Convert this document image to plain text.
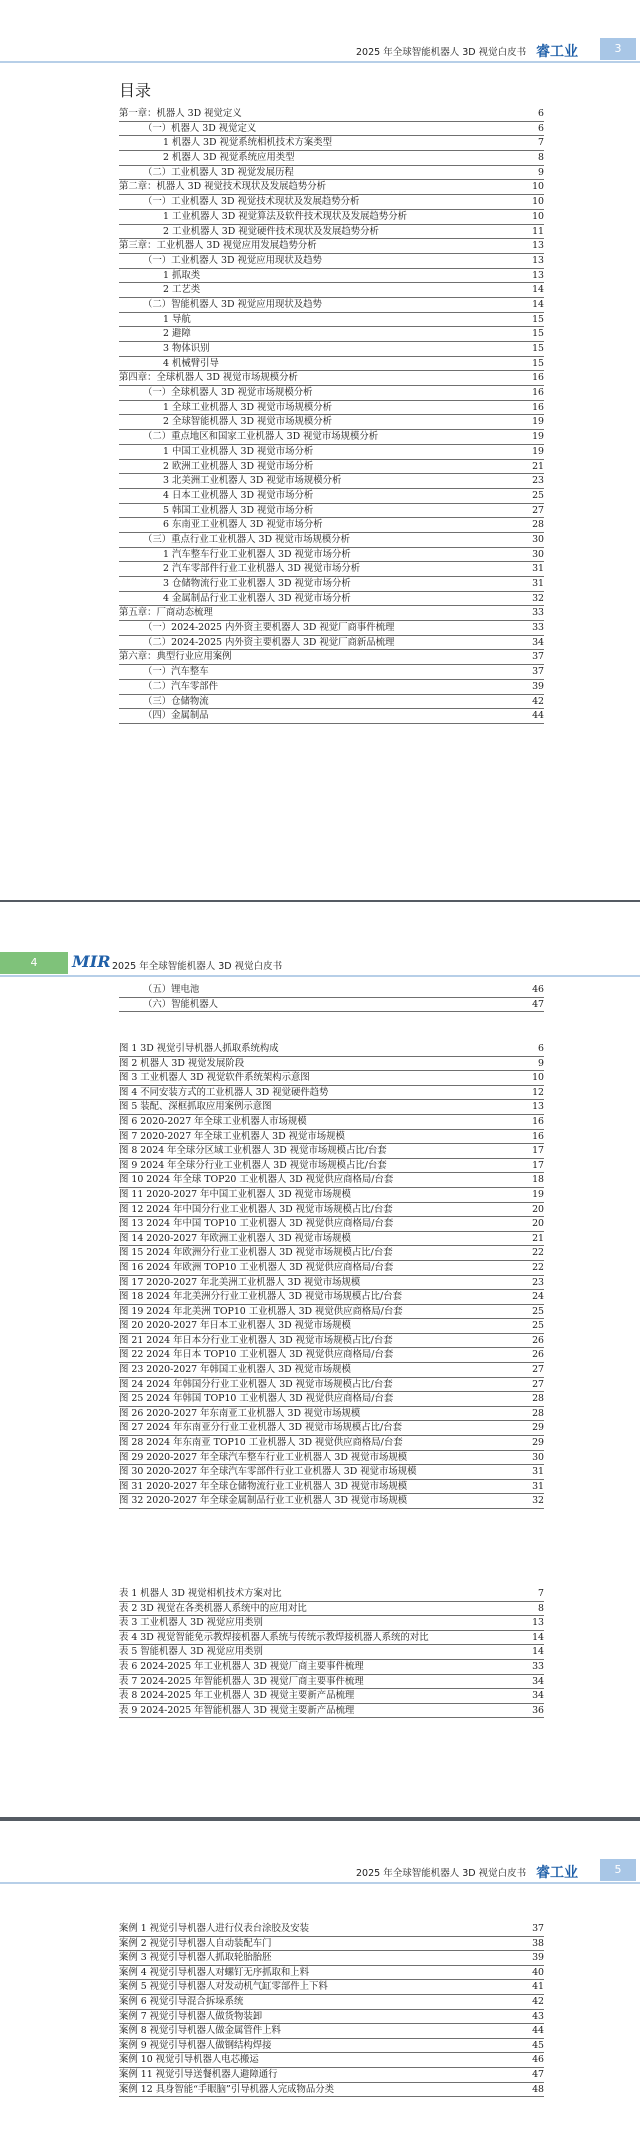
2025 年全球智能机器人 3D 视觉白皮书 睿工业	3
目录
第一章：机器人 3D 视觉定义	6
（一）机器人 3D 视觉定义	6
1 机器人 3D 视觉系统相机技术方案类型	7
2 机器人 3D 视觉系统应用类型	8
（二）工业机器人 3D 视觉发展历程	9
第二章：机器人 3D 视觉技术现状及发展趋势分析	10
（一）工业机器人 3D 视觉技术现状及发展趋势分析	10
1 工业机器人 3D 视觉算法及软件技术现状及发展趋势分析	10
2 工业机器人 3D 视觉硬件技术现状及发展趋势分析	11
第三章：工业机器人 3D 视觉应用发展趋势分析	13
（一）工业机器人 3D 视觉应用现状及趋势	13
1 抓取类	13
2 工艺类	14
（二）智能机器人 3D 视觉应用现状及趋势	14
1 导航	15
2 避障	15
3 物体识别	15
4 机械臂引导	15
第四章：全球机器人 3D 视觉市场规模分析	16
（一）全球机器人 3D 视觉市场规模分析	16
1 全球工业机器人 3D 视觉市场规模分析	16
2 全球智能机器人 3D 视觉市场规模分析	19
（二）重点地区和国家工业机器人 3D 视觉市场规模分析	19
1 中国工业机器人 3D 视觉市场分析	19
2 欧洲工业机器人 3D 视觉市场分析	21
3 北美洲工业机器人 3D 视觉市场规模分析	23
4 日本工业机器人 3D 视觉市场分析	25
5 韩国工业机器人 3D 视觉市场分析	27
6 东南亚工业机器人 3D 视觉市场分析	28
（三）重点行业工业机器人 3D 视觉市场规模分析	30
1 汽车整车行业工业机器人 3D 视觉市场分析	30
2 汽车零部件行业工业机器人 3D 视觉市场分析	31
3 仓储物流行业工业机器人 3D 视觉市场分析	31
4 金属制品行业工业机器人 3D 视觉市场分析	32
第五章：厂商动态梳理	33
（一）2024-2025 内外资主要机器人 3D 视觉厂商事件梳理	33
（二）2024-2025 内外资主要机器人 3D 视觉厂商新品梳理	34
第六章：典型行业应用案例	37
（一）汽车整车	37
（二）汽车零部件	39
（三）仓储物流	42
（四）金属制品	44
4	MIR 2025 年全球智能机器人 3D 视觉白皮书
（五）锂电池	46
（六）智能机器人	47
图 1 3D 视觉引导机器人抓取系统构成	6
图 2 机器人 3D 视觉发展阶段	9
图 3 工业机器人 3D 视觉软件系统架构示意图	10
图 4 不同安装方式的工业机器人 3D 视觉硬件趋势	12
图 5 装配、深框抓取应用案例示意图	13
图 6 2020-2027 年全球工业机器人市场规模	16
图 7 2020-2027 年全球工业机器人 3D 视觉市场规模	16
图 8 2024 年全球分区域工业机器人 3D 视觉市场规模占比/台套	17
图 9 2024 年全球分行业工业机器人 3D 视觉市场规模占比/台套	17
图 10 2024 年全球 TOP20 工业机器人 3D 视觉供应商格局/台套	18
图 11 2020-2027 年中国工业机器人 3D 视觉市场规模	19
图 12 2024 年中国分行业工业机器人 3D 视觉市场规模占比/台套	20
图 13 2024 年中国 TOP10 工业机器人 3D 视觉供应商格局/台套	20
图 14 2020-2027 年欧洲工业机器人 3D 视觉市场规模	21
图 15 2024 年欧洲分行业工业机器人 3D 视觉市场规模占比/台套	22
图 16 2024 年欧洲 TOP10 工业机器人 3D 视觉供应商格局/台套	22
图 17 2020-2027 年北美洲工业机器人 3D 视觉市场规模	23
图 18 2024 年北美洲分行业工业机器人 3D 视觉市场规模占比/台套	24
图 19 2024 年北美洲 TOP10 工业机器人 3D 视觉供应商格局/台套	25
图 20 2020-2027 年日本工业机器人 3D 视觉市场规模	25
图 21 2024 年日本分行业工业机器人 3D 视觉市场规模占比/台套	26
图 22 2024 年日本 TOP10 工业机器人 3D 视觉供应商格局/台套	26
图 23 2020-2027 年韩国工业机器人 3D 视觉市场规模	27
图 24 2024 年韩国分行业工业机器人 3D 视觉市场规模占比/台套	27
图 25 2024 年韩国 TOP10 工业机器人 3D 视觉供应商格局/台套	28
图 26 2020-2027 年东南亚工业机器人 3D 视觉市场规模	28
图 27 2024 年东南亚分行业工业机器人 3D 视觉市场规模占比/台套	29
图 28 2024 年东南亚 TOP10 工业机器人 3D 视觉供应商格局/台套	29
图 29 2020-2027 年全球汽车整车行业工业机器人 3D 视觉市场规模	30
图 30 2020-2027 年全球汽车零部件行业工业机器人 3D 视觉市场规模	31
图 31 2020-2027 年全球仓储物流行业工业机器人 3D 视觉市场规模	31
图 32 2020-2027 年全球金属制品行业工业机器人 3D 视觉市场规模	32
表 1 机器人 3D 视觉相机技术方案对比	7
表 2 3D 视觉在各类机器人系统中的应用对比	8
表 3 工业机器人 3D 视觉应用类别	13
表 4 3D 视觉智能免示教焊接机器人系统与传统示教焊接机器人系统的对比	14
表 5 智能机器人 3D 视觉应用类别	14
表 6 2024-2025 年工业机器人 3D 视觉厂商主要事件梳理	33
表 7 2024-2025 年智能机器人 3D 视觉厂商主要事件梳理	34
表 8 2024-2025 年工业机器人 3D 视觉主要新产品梳理	34
表 9 2024-2025 年智能机器人 3D 视觉主要新产品梳理	36
2025 年全球智能机器人 3D 视觉白皮书 睿工业	5
案例 1 视觉引导机器人进行仪表台涂胶及安装	37
案例 2 视觉引导机器人自动装配车门	38
案例 3 视觉引导机器人抓取轮胎胎胚	39
案例 4 视觉引导机器人对螺钉无序抓取和上料	40
案例 5 视觉引导机器人对发动机气缸零部件上下料	41
案例 6 视觉引导混合拆垛系统	42
案例 7 视觉引导机器人做货物装卸	43
案例 8 视觉引导机器人做金属管件上料	44
案例 9 视觉引导机器人做钢结构焊接	45
案例 10 视觉引导机器人电芯搬运	46
案例 11 视觉引导送餐机器人避障通行	47
案例 12 具身智能“手眼脑”引导机器人完成物品分类	48
